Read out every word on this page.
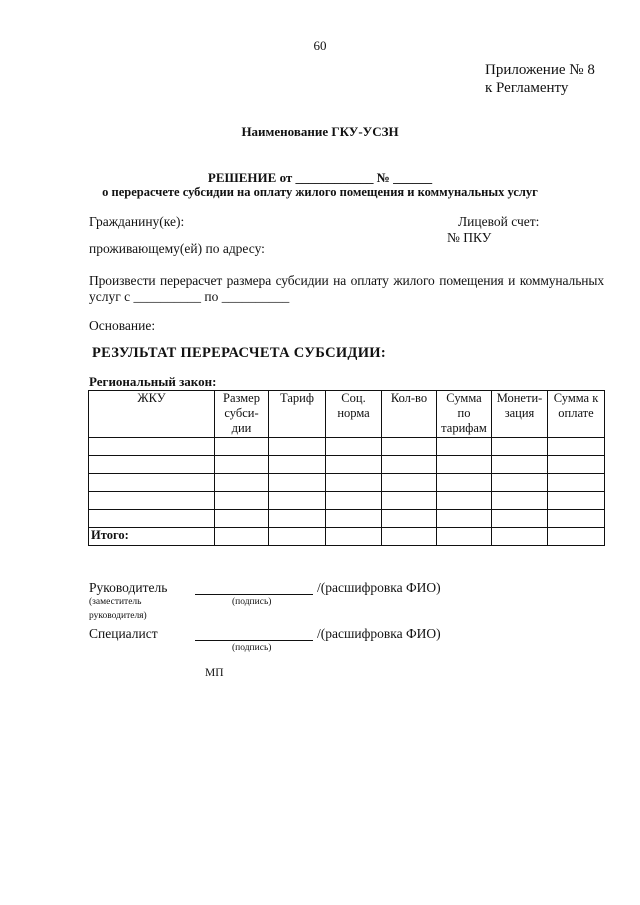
60
Приложение № 8
к Регламенту
Наименование ГКУ-УСЗН
РЕШЕНИЕ от ____________ № ______
о перерасчете субсидии на оплату жилого помещения и коммунальных услуг
Гражданину(ке):	Лицевой счет:
№ ПКУ
проживающему(ей) по адресу:
Произвести перерасчет размера субсидии на оплату жилого помещения и коммунальных
услуг с __________ по __________
Основание:
РЕЗУЛЬТАТ ПЕРЕРАСЧЕТА СУБСИДИИ:
Региональный закон:
ЖКУ	Размер субси- дии	Тариф	Соц. норма	Кол-во	Сумма по тарифам	Монети- зация	Сумма к оплате

Итого:							
Руководитель	/(расшифровка ФИО)
(заместитель	(подпись)
руководителя)
Специалист	/(расшифровка ФИО)
(подпись)
МП
